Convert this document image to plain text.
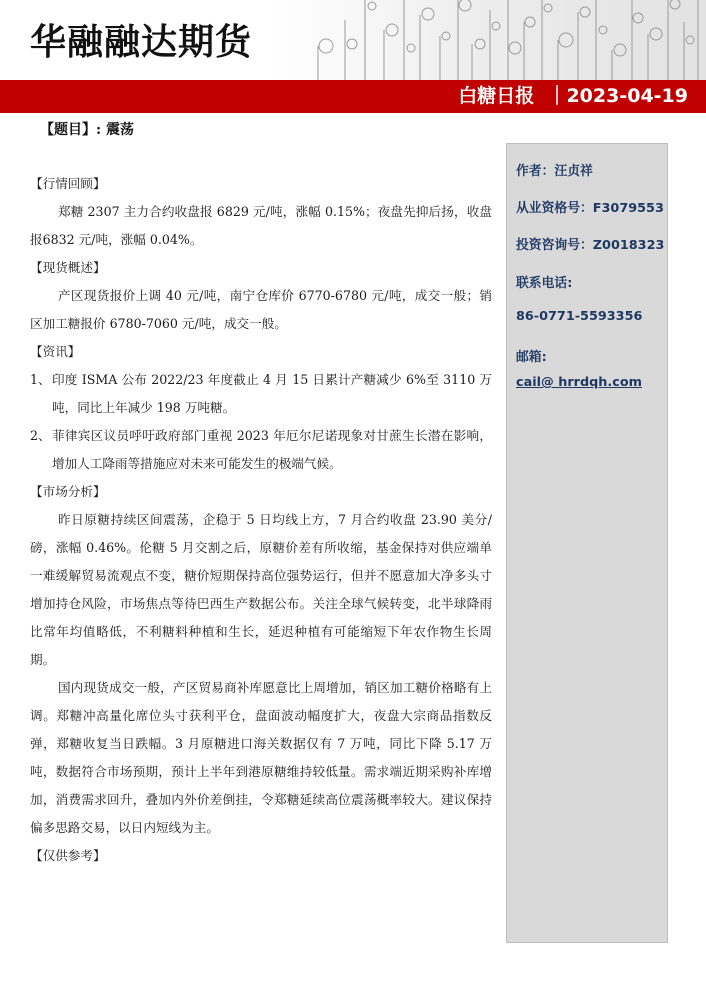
华融融达期货
白糖日报  ｜2023-04-19
【题目】: 震荡

【行情回顾】

郑糖 2307 主力合约收盘报 6829 元/吨，涨幅 0.15%；夜盘先抑后扬，收盘报6832 元/吨，涨幅 0.04%。

【现货概述】

产区现货报价上调 40 元/吨，南宁仓库价 6770-6780 元/吨，成交一般；销区加工糖报价 6780-7060 元/吨，成交一般。

【资讯】

1、 印度 ISMA 公布 2022/23 年度截止 4 月 15 日累计产糖减少 6%至 3110 万吨，同比上年减少 198 万吨糖。
2、 菲律宾区议员呼吁政府部门重视 2023 年厄尔尼诺现象对甘蔗生长潜在影响，增加人工降雨等措施应对未来可能发生的极端气候。

【市场分析】

昨日原糖持续区间震荡，企稳于 5 日均线上方，7 月合约收盘 23.90 美分/磅，涨幅 0.46%。伦糖 5 月交割之后，原糖价差有所收缩，基金保持对供应端单一难缓解贸易流观点不变，糖价短期保持高位强势运行，但并不愿意加大净多头寸增加持仓风险，市场焦点等待巴西生产数据公布。关注全球气候转变，北半球降雨比常年均值略低，不利糖料种植和生长，延迟种植有可能缩短下年农作物生长周期。

国内现货成交一般，产区贸易商补库愿意比上周增加，销区加工糖价格略有上调。郑糖冲高量化席位头寸获利平仓，盘面波动幅度扩大，夜盘大宗商品指数反弹，郑糖收复当日跌幅。3 月原糖进口海关数据仅有 7 万吨，同比下降 5.17 万吨，数据符合市场预期，预计上半年到港原糖维持较低量。需求端近期采购补库增加，消费需求回升，叠加内外价差倒挂，令郑糖延续高位震荡概率较大。建议保持偏多思路交易，以日内短线为主。

【仅供参考】

作者：汪贞祥
从业资格号：F3079553
投资咨询号：Z0018323
联系电话:
86-0771-5593356
邮箱:
cail@ hrrdqh.com
